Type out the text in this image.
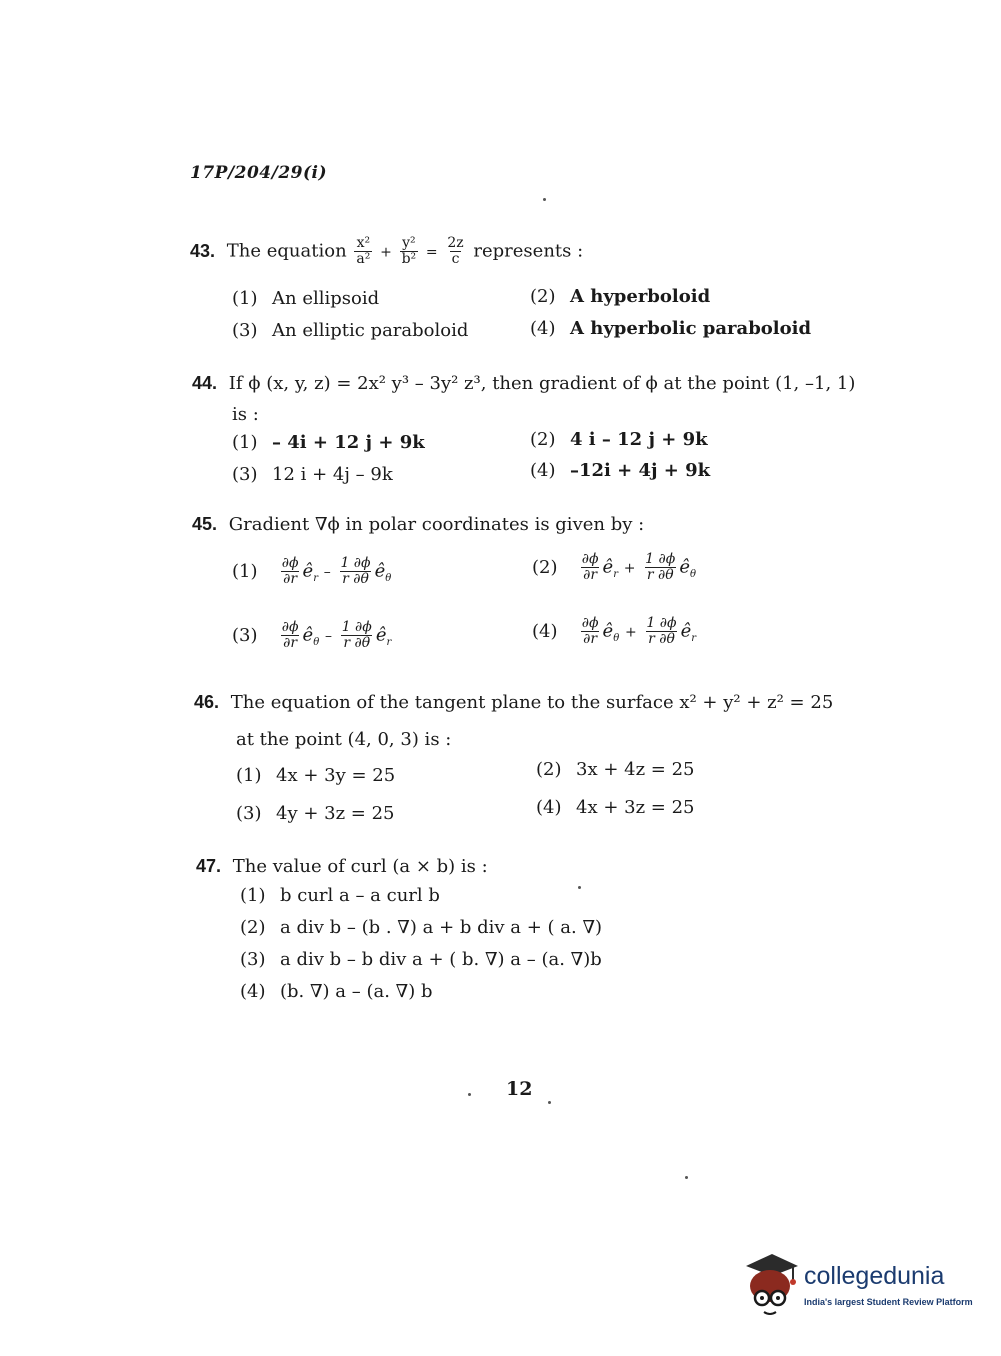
17P/204/29(i)
43. The equation $\frac{\text{x²}}{\text{a²}} + \frac{\text{y²}}{\text{b²}} = \frac{2z}{c}$ represents :
(1) An ellipsoid	(2) A hyperboloid
(3) An elliptic paraboloid	(4) A hyperbolic paraboloid
44. If ϕ (x, y, z) = 2x² y³ – 3y² z³, then gradient of ϕ at the point (1, –1, 1)
is :
(1) – 4i + 12 j + 9k	(2) 4 i – 12 j + 9k
(3) 12 i + 4j – 9k	(4) –12i + 4j + 9k
45. Gradient ∇ϕ in polar coordinates is given by :
$(1) \frac{\partial\phi}{\partial r}$ $ê_r - \frac{1 \partial\phi}{r \partial\theta}$ $ê_\theta$
$(2) \frac{\partial\phi}{\partial r}$ $ê_r + \frac{1 \partial\phi}{r \partial\theta}$ $ê_\theta$
$(3) \frac{\partial\phi}{\partial r}$ $ê_\theta - \frac{1 \partial\phi}{r \partial\theta}$ $ê_r$
$(4) \frac{\partial\phi}{\partial r}$ $ê_\theta + \frac{1 \partial\phi}{r \partial\theta}$ $ê_r$
46. The equation of the tangent plane to the surface x² + y² + z² = 25
at the point (4, 0, 3) is :
(1) 4x + 3y = 25	(2) 3x + 4z = 25
(3) 4y + 3z = 25	(4) 4x + 3z = 25
47. The value of curl (a × b) is :
(1) b curl a – a curl b
(2) a div b – (b . ∇) a + b div a + ( a. ∇)
(3) a div b – b div a + ( b. ∇) a – (a. ∇)b
(4) (b. ∇) a – (a. ∇) b
12
collegedunia
India's largest Student Review Platform
